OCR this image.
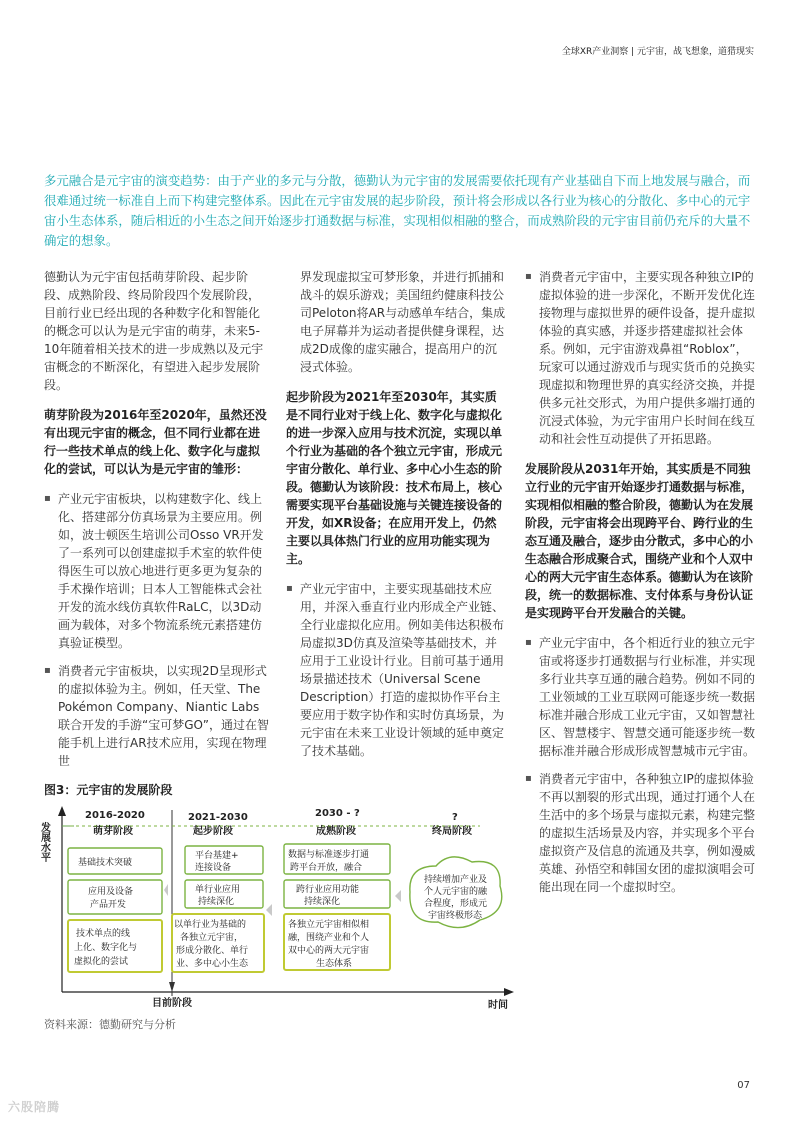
全球XR产业洞察 | 元宇宙，战飞想象，道猎现实
多元融合是元宇宙的演变趋势：由于产业的多元与分散，德勤认为元宇宙的发展需要依托现有产业基础自下而上地发展与融合，而
很难通过统一标准自上而下构建完整体系。因此在元宇宙发展的起步阶段，预计将会形成以各行业为核心的分散化、多中心的元宇
宙小生态体系，随后相近的小生态之间开始逐步打通数据与标准，实现相似相融的整合，而成熟阶段的元宇宙目前仍充斥的大量不
确定的想象。

德勤认为元宇宙包括萌芽阶段、起步阶段、成熟阶段、终局阶段四个发展阶段，目前行业已经出现的各种数字化和智能化的概念可以认为是元宇宙的萌芽，未来5-10年随着相关技术的进一步成熟以及元宇宙概念的不断深化，有望进入起步发展阶段。

萌芽阶段为2016年至2020年，虽然还没有出现元宇宙的概念，但不同行业都在进行一些技术单点的线上化、数字化与虚拟化的尝试，可以认为是元宇宙的雏形：

▪ 产业元宇宙板块，以构建数字化、线上化、搭建部分仿真场景为主要应用。例如，波士顿医生培训公司Osso VR开发了一系列可以创建虚拟手术室的软件使得医生可以放心地进行更多更为复杂的手术操作培训；日本人工智能株式会社开发的流水线仿真软件RaLC，以3D动画为载体，对多个物流系统元素搭建仿真验证模型。
▪ 消费者元宇宙板块，以实现2D呈现形式的虚拟体验为主。例如，任天堂、The Pokémon Company、Niantic Labs联合开发的手游“宝可梦GO”，通过在智能手机上进行AR技术应用，实现在物理世

界发现虚拟宝可梦形象，并进行抓捕和战斗的娱乐游戏；美国纽约健康科技公司Peloton将AR与动感单车结合，集成电子屏幕并为运动者提供健身课程，达成2D成像的虚实融合，提高用户的沉浸式体验。

起步阶段为2021年至2030年，其实质是不同行业对于线上化、数字化与虚拟化的进一步深入应用与技术沉淀，实现以单个行业为基础的各个独立元宇宙，形成元宇宙分散化、单行业、多中心小生态的阶段。德勤认为该阶段：技术布局上，核心需要实现平台基础设施与关键连接设备的开发，如XR设备；在应用开发上，仍然主要以具体热门行业的应用功能实现为主。

▪ 产业元宇宙中，主要实现基础技术应用，并深入垂直行业内形成全产业链、全行业虚拟化应用。例如美伟达积极布局虚拟3D仿真及渲染等基础技术，并应用于工业设计行业。目前可基于通用场景描述技术（Universal Scene Description）打造的虚拟协作平台主要应用于数字协作和实时仿真场景，为元宇宙在未来工业设计领域的延申奠定了技术基础。
▪ 消费者元宇宙中，主要实现各种独立IP的虚拟体验的进一步深化，不断开发优化连接物理与虚拟世界的硬件设备，提升虚拟体验的真实感，并逐步搭建虚拟社会体系。例如，元宇宙游戏鼻祖“Roblox”，玩家可以通过游戏币与现实货币的兑换实现虚拟和物理世界的真实经济交换，并提供多元社交形式，为用户提供多端打通的沉浸式体验，为元宇宙用户长时间在线互动和社会性互动提供了开拓思路。

发展阶段从2031年开始，其实质是不同独立行业的元宇宙开始逐步打通数据与标准，实现相似相融的整合阶段，德勤认为在发展阶段，元宇宙将会出现跨平台、跨行业的生态互通及融合，逐步由分散式，多中心的小生态融合形成聚合式，围绕产业和个人双中心的两大元宇宙生态体系。德勤认为在该阶段，统一的数据标准、支付体系与身份认证是实现跨平台开发融合的关键。

▪ 产业元宇宙中，各个相近行业的独立元宇宙或将逐步打通数据与行业标准，并实现多行业共享互通的融合趋势。例如不同的工业领域的工业互联网可能逐步统一数据标准并融合形成工业元宇宙，又如智慧社区、智慧楼宇、智慧交通可能逐步统一数据标准并融合形成形成智慧城市元宇宙。
▪ 消费者元宇宙中，各种独立IP的虚拟体验不再以割裂的形式出现，通过打通个人在生活中的多个场景与虚拟元素，构建完整的虚拟生活场景及内容，并实现多个平台虚拟资产及信息的流通及共享，例如漫威英雄、孙悟空和韩国女团的虚拟演唱会可能出现在同一个虚拟时空。
图3：元宇宙的发展阶段
发展水平
时间
目前阶段
2016-2020
萌芽阶段
2021-2030
起步阶段
2030 - ?
成熟阶段
?
终局阶段
基础技术突破
应用及设备
产品开发
技术单点的线
上化、数字化与
虚拟化的尝试
平台基建+
连接设备
单行业应用
持续深化
以单行业为基础的
各独立元宇宙，
形成分散化、单行
业、多中心小生态
数据与标准逐步打通
跨平台开放，融合
跨行业应用功能
持续深化
各独立元宇宙相似相
融，围绕产业和个人
双中心的两大元宇宙
生态体系
持续增加产业及
个人元宇宙的融
合程度，形成元
宇宙终极形态
资料来源：德勤研究与分析
07
六股陪腾
